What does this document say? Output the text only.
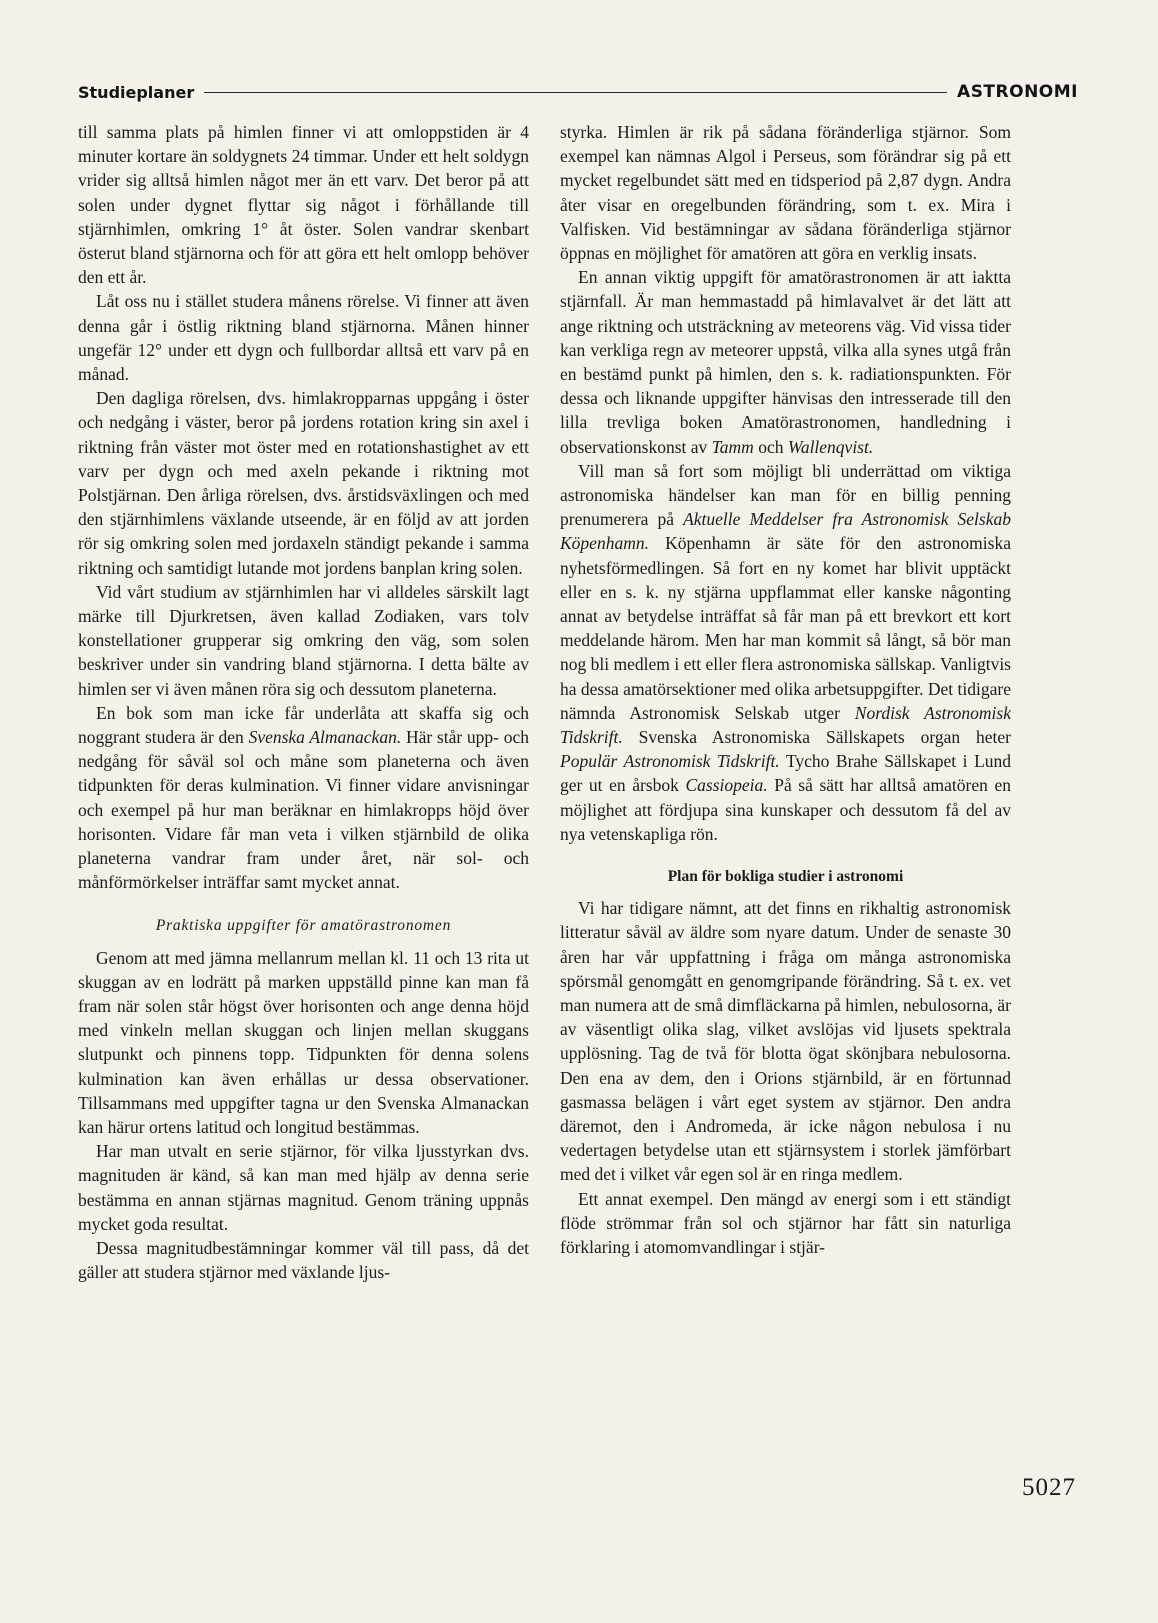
Studieplaner	ASTRONOMI

till samma plats på himlen finner vi att omloppstiden är 4 minuter kortare än soldygnets 24 timmar. Under ett helt soldygn vrider sig alltså himlen något mer än ett varv. Det beror på att solen under dygnet flyttar sig något i förhållande till stjärnhimlen, omkring 1° åt öster. Solen vandrar skenbart österut bland stjärnorna och för att göra ett helt omlopp behöver den ett år.

Låt oss nu i stället studera månens rörelse. Vi finner att även denna går i östlig riktning bland stjärnorna. Månen hinner ungefär 12° under ett dygn och fullbordar alltså ett varv på en månad.

Den dagliga rörelsen, dvs. himlakropparnas uppgång i öster och nedgång i väster, beror på jordens rotation kring sin axel i riktning från väster mot öster med en rotationshastighet av ett varv per dygn och med axeln pekande i riktning mot Polstjärnan. Den årliga rörelsen, dvs. årstidsväxlingen och med den stjärnhimlens växlande utseende, är en följd av att jorden rör sig omkring solen med jordaxeln ständigt pekande i samma riktning och samtidigt lutande mot jordens banplan kring solen.

Vid vårt studium av stjärnhimlen har vi alldeles särskilt lagt märke till Djurkretsen, även kallad Zodiaken, vars tolv konstellationer grupperar sig omkring den väg, som solen beskriver under sin vandring bland stjärnorna. I detta bälte av himlen ser vi även månen röra sig och dessutom planeterna.

En bok som man icke får underlåta att skaffa sig och noggrant studera är den Svenska Almanackan. Här står upp- och nedgång för såväl sol och måne som planeterna och även tidpunkten för deras kulmination. Vi finner vidare anvisningar och exempel på hur man beräknar en himlakropps höjd över horisonten. Vidare får man veta i vilken stjärnbild de olika planeterna vandrar fram under året, när sol- och månförmörkelser inträffar samt mycket annat.

Praktiska uppgifter för amatörastronomen

Genom att med jämna mellanrum mellan kl. 11 och 13 rita ut skuggan av en lodrätt på marken uppställd pinne kan man få fram när solen står högst över horisonten och ange denna höjd med vinkeln mellan skuggan och linjen mellan skuggans slutpunkt och pinnens topp. Tidpunkten för denna solens kulmination kan även erhållas ur dessa observationer. Tillsammans med uppgifter tagna ur den Svenska Almanackan kan härur ortens latitud och longitud bestämmas.

Har man utvalt en serie stjärnor, för vilka ljusstyrkan dvs. magnituden är känd, så kan man med hjälp av denna serie bestämma en annan stjärnas magnitud. Genom träning uppnås mycket goda resultat.

Dessa magnitudbestämningar kommer väl till pass, då det gäller att studera stjärnor med växlande ljus-

styrka. Himlen är rik på sådana föränderliga stjärnor. Som exempel kan nämnas Algol i Perseus, som förändrar sig på ett mycket regelbundet sätt med en tidsperiod på 2,87 dygn. Andra åter visar en oregelbunden förändring, som t. ex. Mira i Valfisken. Vid bestämningar av sådana föränderliga stjärnor öppnas en möjlighet för amatören att göra en verklig insats.

En annan viktig uppgift för amatörastronomen är att iaktta stjärnfall. Är man hemmastadd på himlavalvet är det lätt att ange riktning och utsträckning av meteorens väg. Vid vissa tider kan verkliga regn av meteorer uppstå, vilka alla synes utgå från en bestämd punkt på himlen, den s. k. radiationspunkten. För dessa och liknande uppgifter hänvisas den intresserade till den lilla trevliga boken Amatörastronomen, handledning i observationskonst av Tamm och Wallenqvist.

Vill man så fort som möjligt bli underrättad om viktiga astronomiska händelser kan man för en billig penning prenumerera på Aktuelle Meddelser fra Astronomisk Selskab Köpenhamn. Köpenhamn är säte för den astronomiska nyhetsförmedlingen. Så fort en ny komet har blivit upptäckt eller en s. k. ny stjärna uppflammat eller kanske någonting annat av betydelse inträffat så får man på ett brevkort ett kort meddelande härom. Men har man kommit så långt, så bör man nog bli medlem i ett eller flera astronomiska sällskap. Vanligtvis ha dessa amatörsektioner med olika arbetsuppgifter. Det tidigare nämnda Astronomisk Selskab utger Nordisk Astronomisk Tidskrift. Svenska Astronomiska Sällskapets organ heter Populär Astronomisk Tidskrift. Tycho Brahe Sällskapet i Lund ger ut en årsbok Cassiopeia. På så sätt har alltså amatören en möjlighet att fördjupa sina kunskaper och dessutom få del av nya vetenskapliga rön.

Plan för bokliga studier i astronomi

Vi har tidigare nämnt, att det finns en rikhaltig astronomisk litteratur såväl av äldre som nyare datum. Under de senaste 30 åren har vår uppfattning i fråga om många astronomiska spörsmål genomgått en genomgripande förändring. Så t. ex. vet man numera att de små dimfläckarna på himlen, nebulosorna, är av väsentligt olika slag, vilket avslöjas vid ljusets spektrala upplösning. Tag de två för blotta ögat skönjbara nebulosorna. Den ena av dem, den i Orions stjärnbild, är en förtunnad gasmassa belägen i vårt eget system av stjärnor. Den andra däremot, den i Andromeda, är icke någon nebulosa i nu vedertagen betydelse utan ett stjärnsystem i storlek jämförbart med det i vilket vår egen sol är en ringa medlem.

Ett annat exempel. Den mängd av energi som i ett ständigt flöde strömmar från sol och stjärnor har fått sin naturliga förklaring i atomomvandlingar i stjär-

5027
